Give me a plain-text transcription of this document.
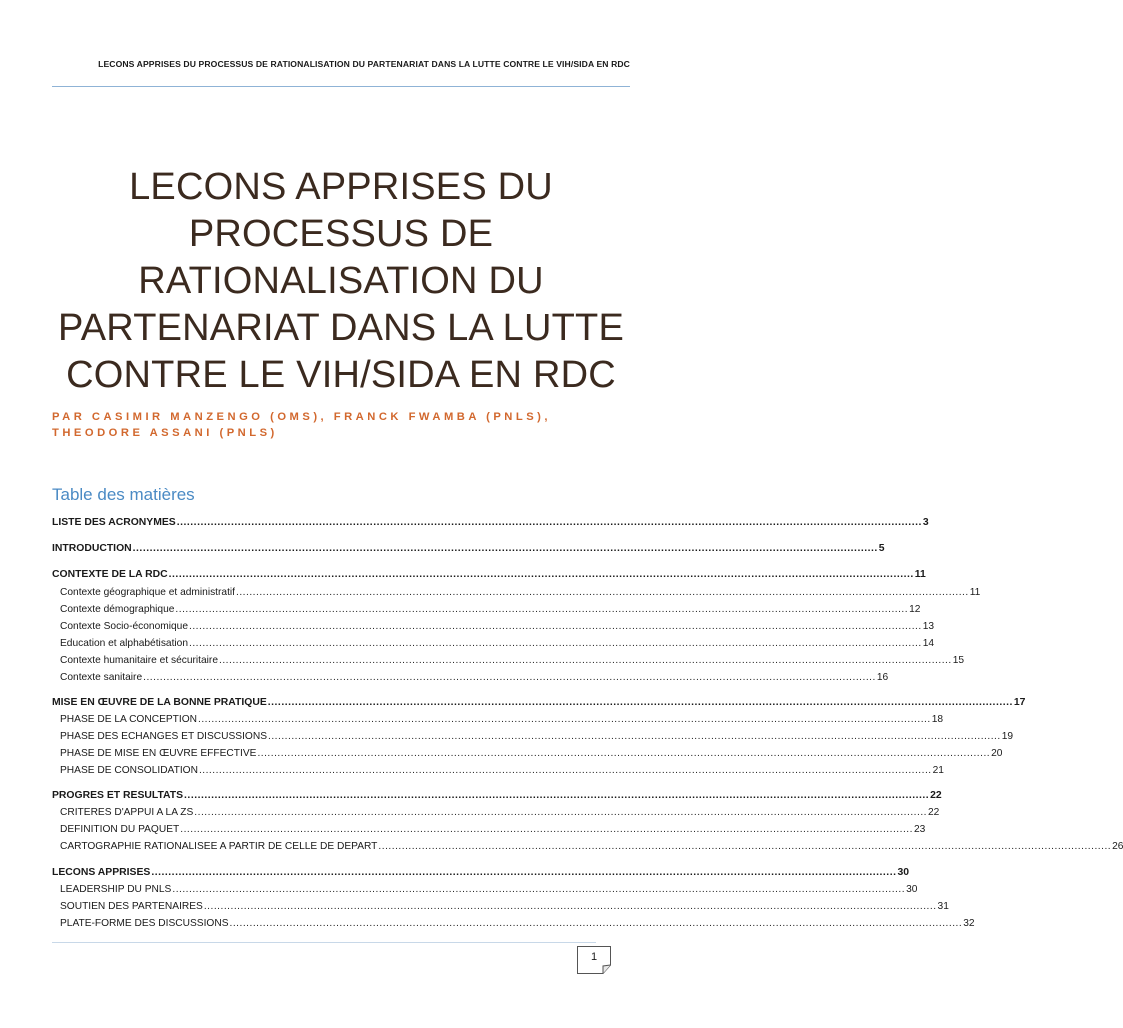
LECONS APPRISES DU PROCESSUS DE RATIONALISATION DU PARTENARIAT DANS LA LUTTE CONTRE LE VIH/SIDA EN RDC
LECONS APPRISES DU PROCESSUS DE RATIONALISATION DU PARTENARIAT DANS LA LUTTE CONTRE LE VIH/SIDA EN RDC
PAR CASIMIR MANZENGO (OMS), FRANCK FWAMBA (PNLS), THEODORE ASSANI (PNLS)
Table des matières
LISTE DES ACRONYMES ............................................................................................................................................................................................................................ 3
INTRODUCTION ............................................................................................................................................................................................................................ 5
CONTEXTE DE LA RDC ............................................................................................................................................................................................................................ 11
Contexte géographique et administratif ............................................................................................................................................................................................................................ 11
Contexte démographique ............................................................................................................................................................................................................................ 12
Contexte Socio-économique ............................................................................................................................................................................................................................ 13
Education et alphabétisation ............................................................................................................................................................................................................................ 14
Contexte humanitaire et sécuritaire ............................................................................................................................................................................................................................ 15
Contexte sanitaire ............................................................................................................................................................................................................................ 16
MISE EN ŒUVRE DE LA BONNE PRATIQUE ............................................................................................................................................................................................................................ 17
PHASE DE LA CONCEPTION ............................................................................................................................................................................................................................ 18
PHASE DES ECHANGES ET DISCUSSIONS ............................................................................................................................................................................................................................ 19
PHASE DE MISE EN ŒUVRE EFFECTIVE ............................................................................................................................................................................................................................ 20
PHASE DE CONSOLIDATION ............................................................................................................................................................................................................................ 21
PROGRES ET RESULTATS ............................................................................................................................................................................................................................ 22
CRITERES D'APPUI A LA ZS ............................................................................................................................................................................................................................ 22
DEFINITION DU PAQUET ............................................................................................................................................................................................................................ 23
CARTOGRAPHIE RATIONALISEE A PARTIR DE CELLE DE DEPART ............................................................................................................................................................................................................................ 26
LECONS APPRISES ............................................................................................................................................................................................................................ 30
LEADERSHIP DU PNLS ............................................................................................................................................................................................................................ 30
SOUTIEN DES PARTENAIRES ............................................................................................................................................................................................................................ 31
PLATE-FORME DES DISCUSSIONS ............................................................................................................................................................................................................................ 32
1
